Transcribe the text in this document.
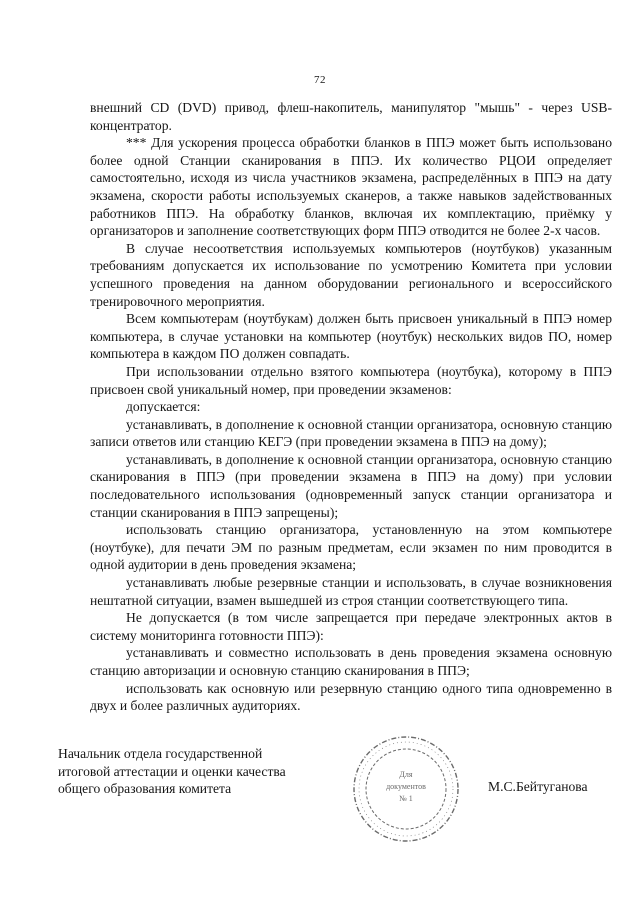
72

внешний CD (DVD) привод, флеш-накопитель, манипулятор "мышь" - через USB-концентратор.

*** Для ускорения процесса обработки бланков в ППЭ может быть использовано более одной Станции сканирования в ППЭ. Их количество РЦОИ определяет самостоятельно, исходя из числа участников экзамена, распределённых в ППЭ на дату экзамена, скорости работы используемых сканеров, а также навыков задействованных работников ППЭ. На обработку бланков, включая их комплектацию, приёмку у организаторов и заполнение соответствующих форм ППЭ отводится не более 2-х часов.

В случае несоответствия используемых компьютеров (ноутбуков) указанным требованиям допускается их использование по усмотрению Комитета при условии успешного проведения на данном оборудовании регионального и всероссийского тренировочного мероприятия.

Всем компьютерам (ноутбукам) должен быть присвоен уникальный в ППЭ номер компьютера, в случае установки на компьютер (ноутбук) нескольких видов ПО, номер компьютера в каждом ПО должен совпадать.

При использовании отдельно взятого компьютера (ноутбука), которому в ППЭ присвоен свой уникальный номер, при проведении экзаменов:

допускается:

устанавливать, в дополнение к основной станции организатора, основную станцию записи ответов или станцию КЕГЭ (при проведении экзамена в ППЭ на дому);

устанавливать, в дополнение к основной станции организатора, основную станцию сканирования в ППЭ (при проведении экзамена в ППЭ на дому) при условии последовательного использования (одновременный запуск станции организатора и станции сканирования в ППЭ запрещены);

использовать станцию организатора, установленную на этом компьютере (ноутбуке), для печати ЭМ по разным предметам, если экзамен по ним проводится в одной аудитории в день проведения экзамена;

устанавливать любые резервные станции и использовать, в случае возникновения нештатной ситуации, взамен вышедшей из строя станции соответствующего типа.

Не допускается (в том числе запрещается при передаче электронных актов в систему мониторинга готовности ППЭ):

устанавливать и совместно использовать в день проведения экзамена основную станцию авторизации и основную станцию сканирования в ППЭ;

использовать как основную или резервную станцию одного типа одновременно в двух и более различных аудиториях.

Начальник отдела государственной
итоговой аттестации и оценки качества
общего образования комитета
Для
документов
№ 1
М.С.Бейтуганова
